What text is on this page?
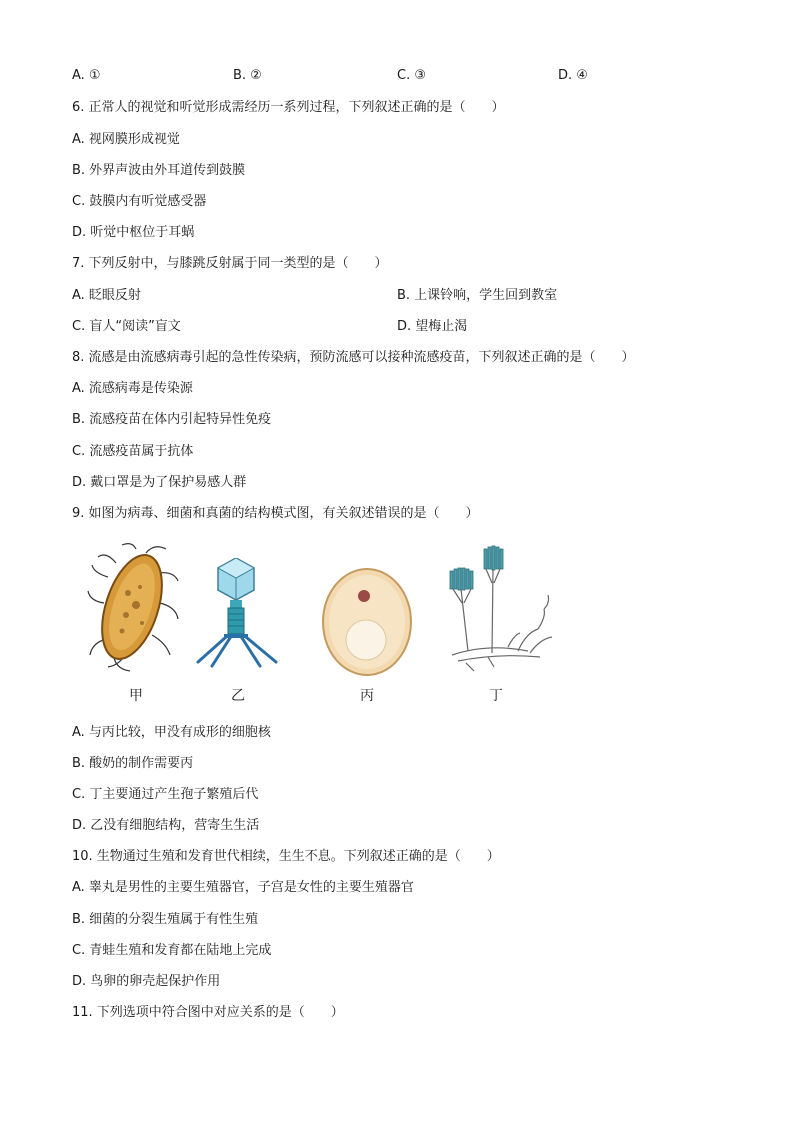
A. ①	B. ②	C. ③	D. ④
6. 正常人的视觉和听觉形成需经历一系列过程，下列叙述正确的是（　　）
A. 视网膜形成视觉
B. 外界声波由外耳道传到鼓膜
C. 鼓膜内有听觉感受器
D. 听觉中枢位于耳蜗
7. 下列反射中，与膝跳反射属于同一类型的是（　　）
A. 眨眼反射	B. 上课铃响，学生回到教室
C. 盲人“阅读”盲文	D. 望梅止渴
8. 流感是由流感病毒引起的急性传染病，预防流感可以接种流感疫苗，下列叙述正确的是（　　）
A. 流感病毒是传染源
B. 流感疫苗在体内引起特异性免疫
C. 流感疫苗属于抗体
D. 戴口罩是为了保护易感人群
9. 如图为病毒、细菌和真菌的结构模式图，有关叙述错误的是（　　）
甲	乙	丙	丁
A. 与丙比较，甲没有成形的细胞核
B. 酸奶的制作需要丙
C. 丁主要通过产生孢子繁殖后代
D. 乙没有细胞结构，营寄生生活
10. 生物通过生殖和发育世代相续，生生不息。下列叙述正确的是（　　）
A. 睾丸是男性的主要生殖器官，子宫是女性的主要生殖器官
B. 细菌的分裂生殖属于有性生殖
C. 青蛙生殖和发育都在陆地上完成
D. 鸟卵的卵壳起保护作用
11. 下列选项中符合图中对应关系的是（　　）
